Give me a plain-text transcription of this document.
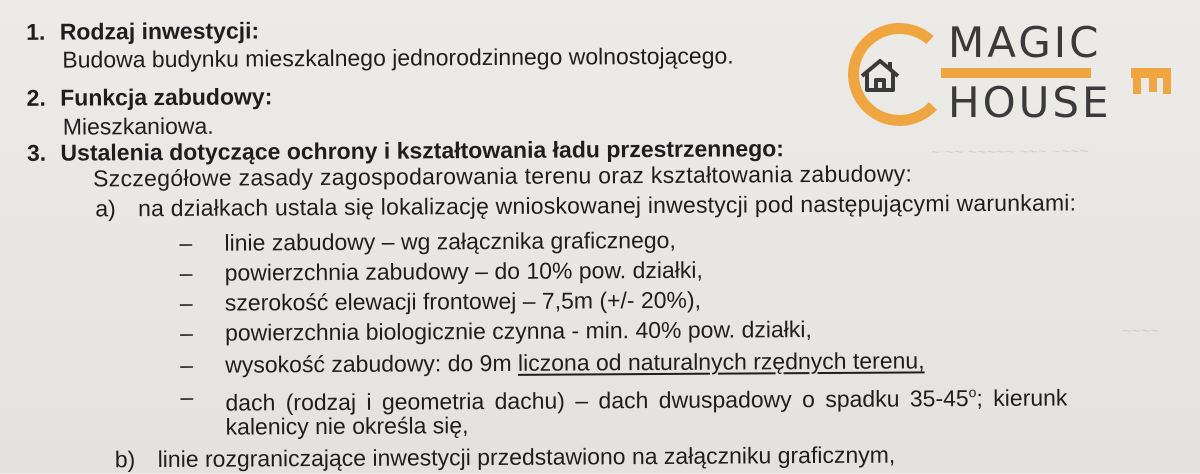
~ ~~ ~~~~~ ~~~ ~~~~
~~~~
1. Rodzaj inwestycji:
Budowa budynku mieszkalnego jednorodzinnego wolnostojącego.
2. Funkcja zabudowy:
Mieszkaniowa.
3. Ustalenia dotyczące ochrony i kształtowania ładu przestrzennego:
Szczegółowe zasady zagospodarowania terenu oraz kształtowania zabudowy:
a) na działkach ustala się lokalizację wnioskowanej inwestycji pod następującymi warunkami:
– linie zabudowy – wg załącznika graficznego,
– powierzchnia zabudowy – do 10% pow. działki,
– szerokość elewacji frontowej – 7,5m (+/- 20%),
– powierzchnia biologicznie czynna - min. 40% pow. działki,
– wysokość zabudowy: do 9m liczona od naturalnych rzędnych terenu,
– dach (rodzaj i geometria dachu) – dach dwuspadowy o spadku 35-45$^o$; kierunk
kalenicy nie określa się,
b) linie rozgraniczające inwestycji przedstawiono na załączniku graficznym,
MAGIC
BIURO NIERUCHOMOŚCI
HOUSE
